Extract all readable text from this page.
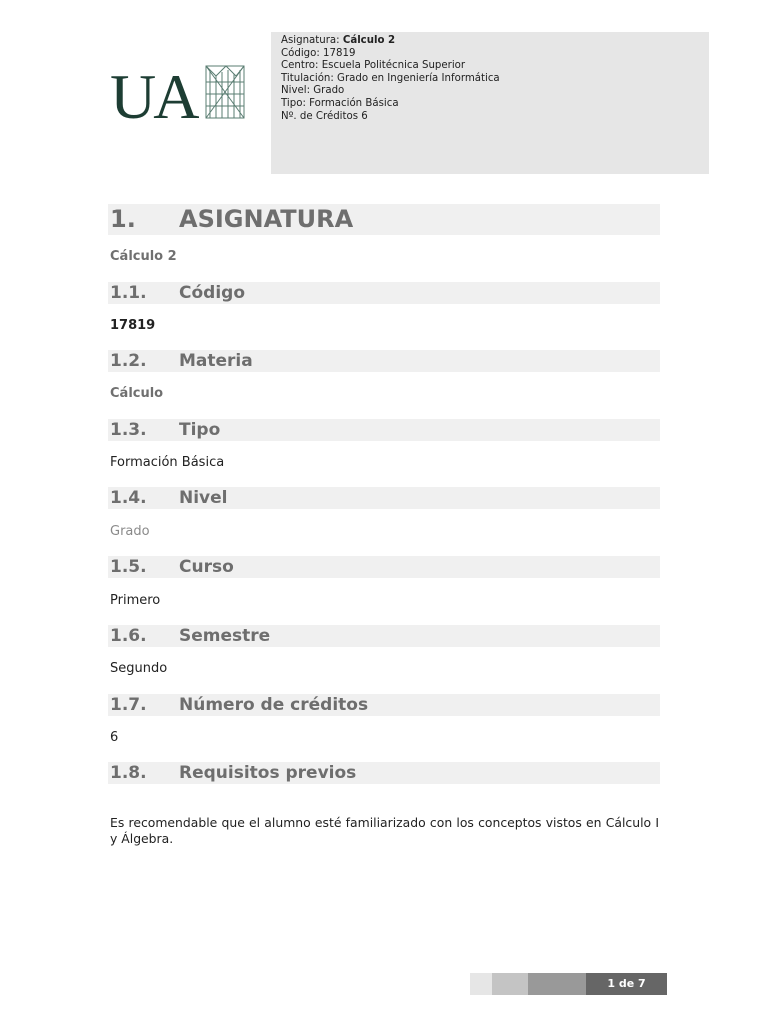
UA
Asignatura: Cálculo 2
Código: 17819
Centro: Escuela Politécnica Superior
Titulación: Grado en Ingeniería Informática
Nivel: Grado
Tipo: Formación Básica
Nº. de Créditos 6
1. ASIGNATURA
Cálculo 2
1.1. Código
17819
1.2. Materia
Cálculo
1.3. Tipo
Formación Básica
1.4. Nivel
Grado
1.5. Curso
Primero
1.6. Semestre
Segundo
1.7. Número de créditos
6
1.8. Requisitos previos
Es recomendable que el alumno esté familiarizado con los conceptos vistos en Cálculo I y Álgebra.
1 de 7
